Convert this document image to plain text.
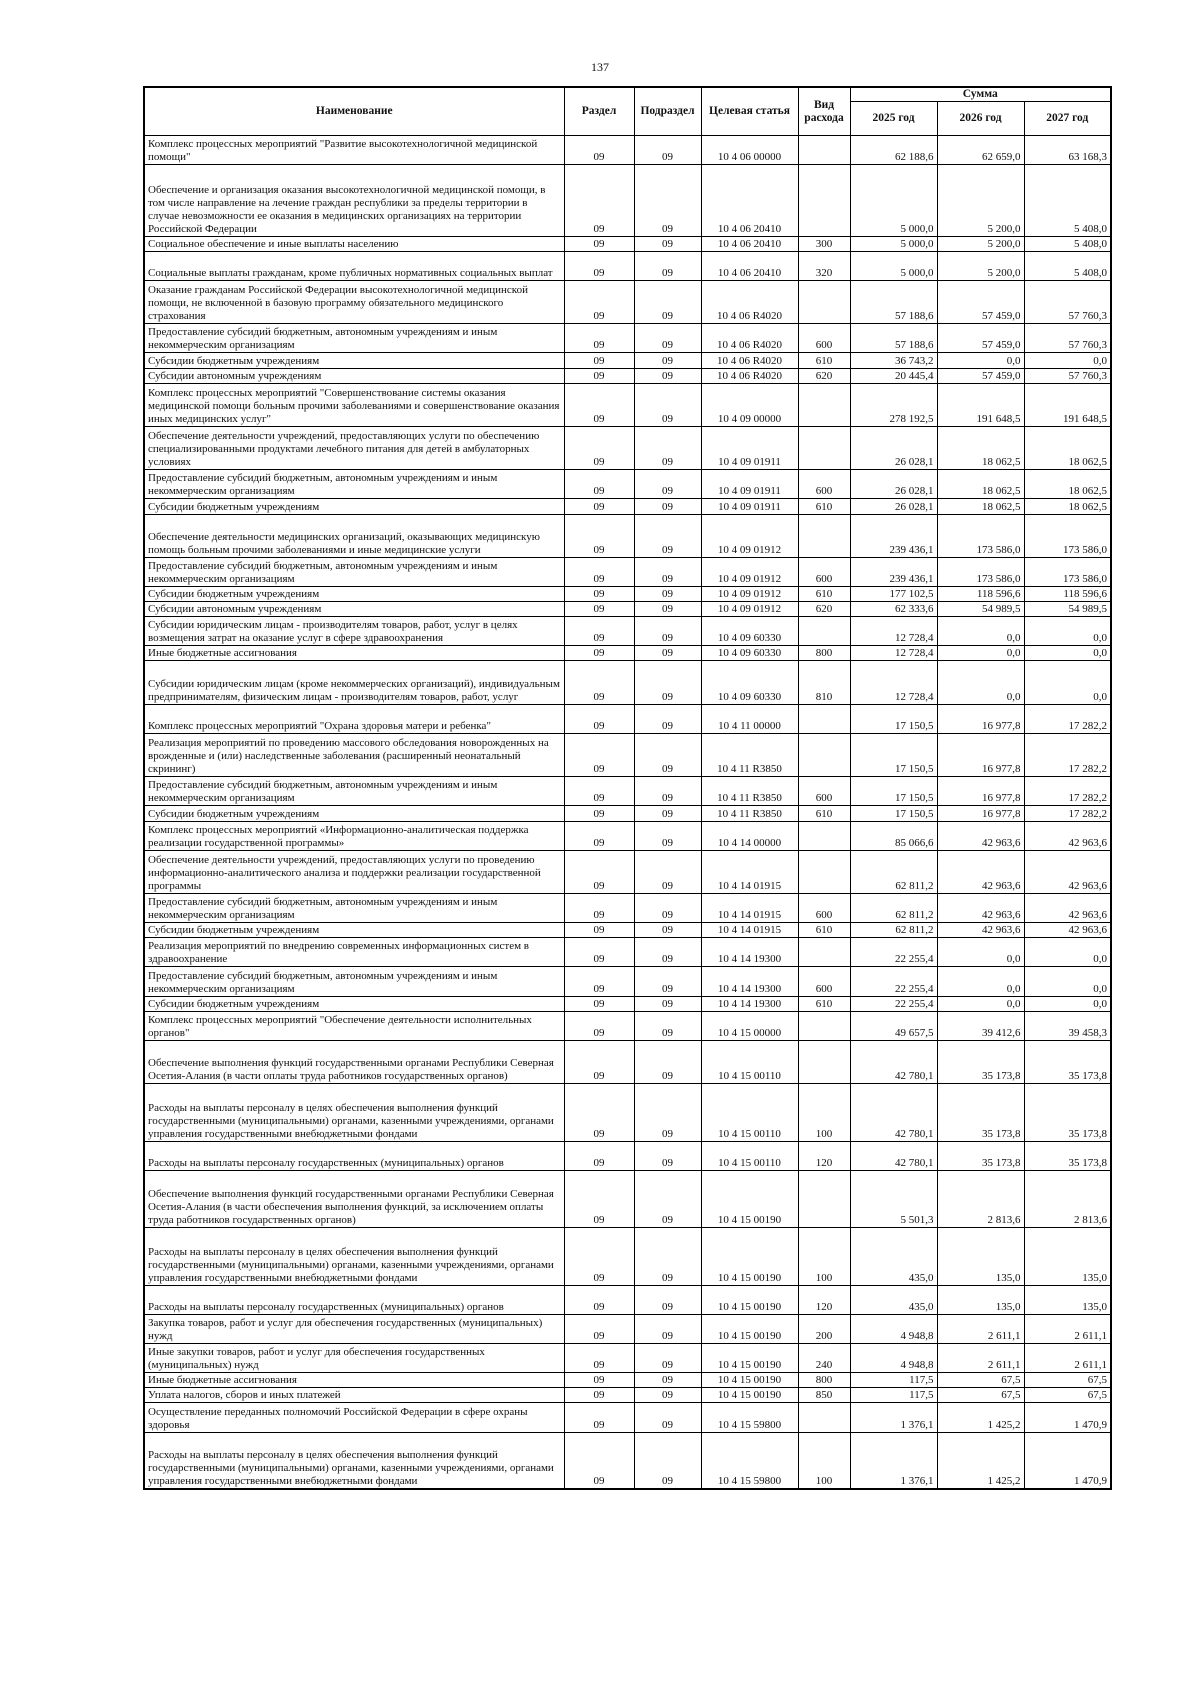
137
Наименование	Раздел	Подраздел	Целевая статья	Вид расхода	Сумма		
					2025 год	2026 год	2027 год
Комплекс процессных мероприятий "Развитие высокотехнологичной медицинской помощи"	09	09	10 4 06 00000		62 188,6	62 659,0	63 168,3
Обеспечение и организация оказания высокотехнологичной медицинской помощи, в том числе направление на лечение граждан республики за пределы территории в случае невозможности ее оказания в медицинских организациях на территории Российской Федерации	09	09	10 4 06 20410		5 000,0	5 200,0	5 408,0
Социальное обеспечение и иные выплаты населению	09	09	10 4 06 20410	300	5 000,0	5 200,0	5 408,0
Социальные выплаты гражданам, кроме публичных нормативных социальных выплат	09	09	10 4 06 20410	320	5 000,0	5 200,0	5 408,0
Оказание гражданам Российской Федерации высокотехнологичной медицинской помощи, не включенной в базовую программу обязательного медицинского страхования	09	09	10 4 06 R4020		57 188,6	57 459,0	57 760,3
Предоставление субсидий бюджетным, автономным учреждениям и иным некоммерческим организациям	09	09	10 4 06 R4020	600	57 188,6	57 459,0	57 760,3
Субсидии бюджетным учреждениям	09	09	10 4 06 R4020	610	36 743,2	0,0	0,0
Субсидии автономным учреждениям	09	09	10 4 06 R4020	620	20 445,4	57 459,0	57 760,3
Комплекс процессных мероприятий "Совершенствование системы оказания медицинской помощи больным прочими заболеваниями и совершенствование оказания иных медицинских услуг"	09	09	10 4 09 00000		278 192,5	191 648,5	191 648,5
Обеспечение деятельности учреждений, предоставляющих услуги по обеспечению специализированными продуктами лечебного питания для детей в амбулаторных условиях	09	09	10 4 09 01911		26 028,1	18 062,5	18 062,5
Предоставление субсидий бюджетным, автономным учреждениям и иным некоммерческим организациям	09	09	10 4 09 01911	600	26 028,1	18 062,5	18 062,5
Субсидии бюджетным учреждениям	09	09	10 4 09 01911	610	26 028,1	18 062,5	18 062,5
Обеспечение деятельности медицинских организаций, оказывающих медицинскую помощь больным прочими заболеваниями и иные медицинские услуги	09	09	10 4 09 01912		239 436,1	173 586,0	173 586,0
Предоставление субсидий бюджетным, автономным учреждениям и иным некоммерческим организациям	09	09	10 4 09 01912	600	239 436,1	173 586,0	173 586,0
Субсидии бюджетным учреждениям	09	09	10 4 09 01912	610	177 102,5	118 596,6	118 596,6
Субсидии автономным учреждениям	09	09	10 4 09 01912	620	62 333,6	54 989,5	54 989,5
Субсидии юридическим лицам - производителям товаров, работ, услуг в целях возмещения затрат на оказание услуг в сфере здравоохранения	09	09	10 4 09 60330		12 728,4	0,0	0,0
Иные бюджетные ассигнования	09	09	10 4 09 60330	800	12 728,4	0,0	0,0
Субсидии юридическим лицам (кроме некоммерческих организаций), индивидуальным предпринимателям, физическим лицам - производителям товаров, работ, услуг	09	09	10 4 09 60330	810	12 728,4	0,0	0,0
Комплекс процессных мероприятий "Охрана здоровья матери и ребенка"	09	09	10 4 11 00000		17 150,5	16 977,8	17 282,2
Реализация мероприятий по проведению массового обследования новорожденных на врожденные и (или) наследственные заболевания (расширенный неонатальный скрининг)	09	09	10 4 11 R3850		17 150,5	16 977,8	17 282,2
Предоставление субсидий бюджетным, автономным учреждениям и иным некоммерческим организациям	09	09	10 4 11 R3850	600	17 150,5	16 977,8	17 282,2
Субсидии бюджетным учреждениям	09	09	10 4 11 R3850	610	17 150,5	16 977,8	17 282,2
Комплекс процессных мероприятий «Информационно-аналитическая поддержка реализации государственной программы»	09	09	10 4 14 00000		85 066,6	42 963,6	42 963,6
Обеспечение деятельности учреждений, предоставляющих услуги по проведению информационно-аналитического анализа и поддержки реализации государственной программы	09	09	10 4 14 01915		62 811,2	42 963,6	42 963,6
Предоставление субсидий бюджетным, автономным учреждениям и иным некоммерческим организациям	09	09	10 4 14 01915	600	62 811,2	42 963,6	42 963,6
Субсидии бюджетным учреждениям	09	09	10 4 14 01915	610	62 811,2	42 963,6	42 963,6
Реализация мероприятий по внедрению современных информационных систем в здравоохранение	09	09	10 4 14 19300		22 255,4	0,0	0,0
Предоставление субсидий бюджетным, автономным учреждениям и иным некоммерческим организациям	09	09	10 4 14 19300	600	22 255,4	0,0	0,0
Субсидии бюджетным учреждениям	09	09	10 4 14 19300	610	22 255,4	0,0	0,0
Комплекс процессных мероприятий "Обеспечение деятельности исполнительных органов"	09	09	10 4 15 00000		49 657,5	39 412,6	39 458,3
Обеспечение выполнения функций государственными органами Республики Северная Осетия-Алания (в части оплаты труда работников государственных органов)	09	09	10 4 15 00110		42 780,1	35 173,8	35 173,8
Расходы на выплаты персоналу в целях обеспечения выполнения функций государственными (муниципальными) органами, казенными учреждениями, органами управления государственными внебюджетными фондами	09	09	10 4 15 00110	100	42 780,1	35 173,8	35 173,8
Расходы на выплаты персоналу государственных (муниципальных) органов	09	09	10 4 15 00110	120	42 780,1	35 173,8	35 173,8
Обеспечение выполнения функций государственными органами Республики Северная Осетия-Алания (в части обеспечения выполнения функций, за исключением оплаты труда работников государственных органов)	09	09	10 4 15 00190		5 501,3	2 813,6	2 813,6
Расходы на выплаты персоналу в целях обеспечения выполнения функций государственными (муниципальными) органами, казенными учреждениями, органами управления государственными внебюджетными фондами	09	09	10 4 15 00190	100	435,0	135,0	135,0
Расходы на выплаты персоналу государственных (муниципальных) органов	09	09	10 4 15 00190	120	435,0	135,0	135,0
Закупка товаров, работ и услуг для обеспечения государственных (муниципальных) нужд	09	09	10 4 15 00190	200	4 948,8	2 611,1	2 611,1
Иные закупки товаров, работ и услуг для обеспечения государственных (муниципальных) нужд	09	09	10 4 15 00190	240	4 948,8	2 611,1	2 611,1
Иные бюджетные ассигнования	09	09	10 4 15 00190	800	117,5	67,5	67,5
Уплата налогов, сборов и иных платежей	09	09	10 4 15 00190	850	117,5	67,5	67,5
Осуществление переданных полномочий Российской Федерации в сфере охраны здоровья	09	09	10 4 15 59800		1 376,1	1 425,2	1 470,9
Расходы на выплаты персоналу в целях обеспечения выполнения функций государственными (муниципальными) органами, казенными учреждениями, органами управления государственными внебюджетными фондами	09	09	10 4 15 59800	100	1 376,1	1 425,2	1 470,9
